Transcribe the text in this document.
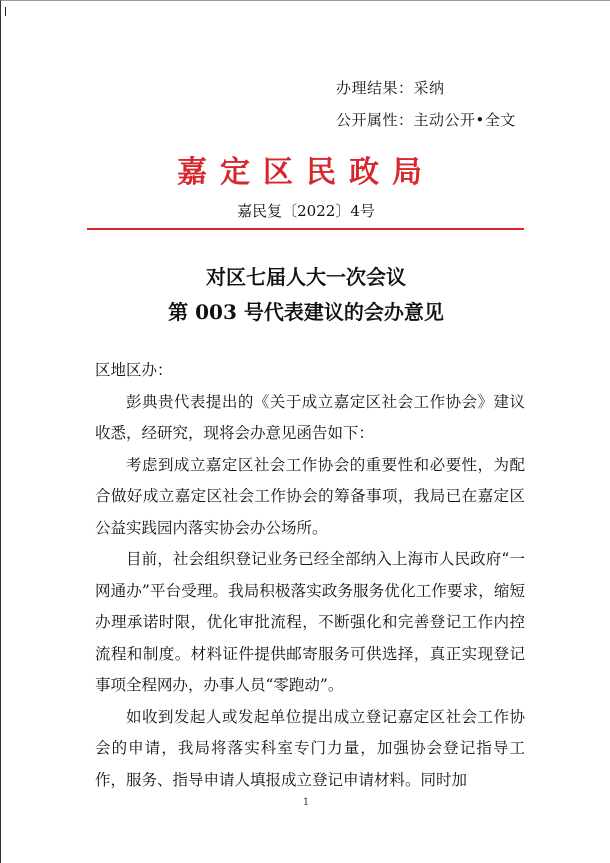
办理结果：采纳
公开属性：主动公开•全文
嘉定区民政局
嘉民复〔2022〕4号
对区七届人大一次会议
第 003 号代表建议的会办意见

区地区办：

彭典贵代表提出的《关于成立嘉定区社会工作协会》建议收悉，经研究，现将会办意见函告如下：

考虑到成立嘉定区社会工作协会的重要性和必要性，为配合做好成立嘉定区社会工作协会的筹备事项，我局已在嘉定区公益实践园内落实协会办公场所。

目前，社会组织登记业务已经全部纳入上海市人民政府“一网通办”平台受理。我局积极落实政务服务优化工作要求，缩短办理承诺时限，优化审批流程，不断强化和完善登记工作内控流程和制度。材料证件提供邮寄服务可供选择，真正实现登记事项全程网办，办事人员“零跑动”。

如收到发起人或发起单位提出成立登记嘉定区社会工作协会的申请，我局将落实科室专门力量，加强协会登记指导工作，服务、指导申请人填报成立登记申请材料。同时加

1
